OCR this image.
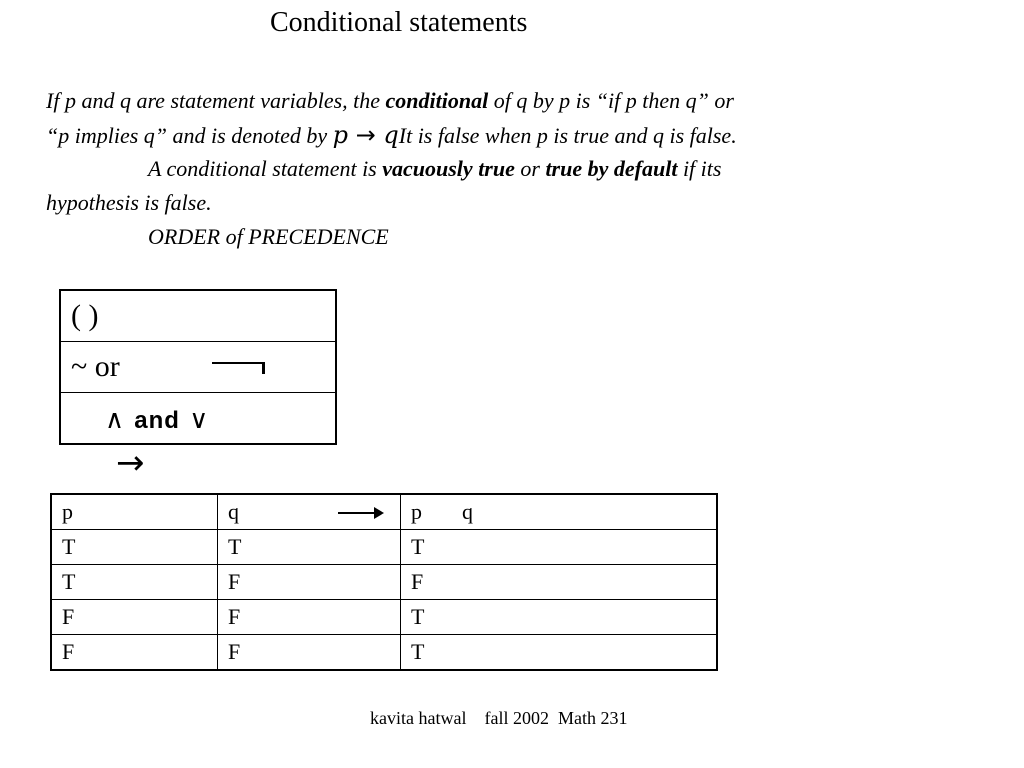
Conditional statements
If p and q are statement variables, the conditional of q by p is “if p then q” or
“p implies q” and is denoted by p → qIt is false when p is true and q is false.
A conditional statement is vacuously true or true by default if its
hypothesis is false.
ORDER of PRECEDENCE
( )
~ or
∧ and ∨
→
p	q	p q
T	T	T
T	F	F
F	F	T
F	F	T
kavita hatwal    fall 2002  Math 231
